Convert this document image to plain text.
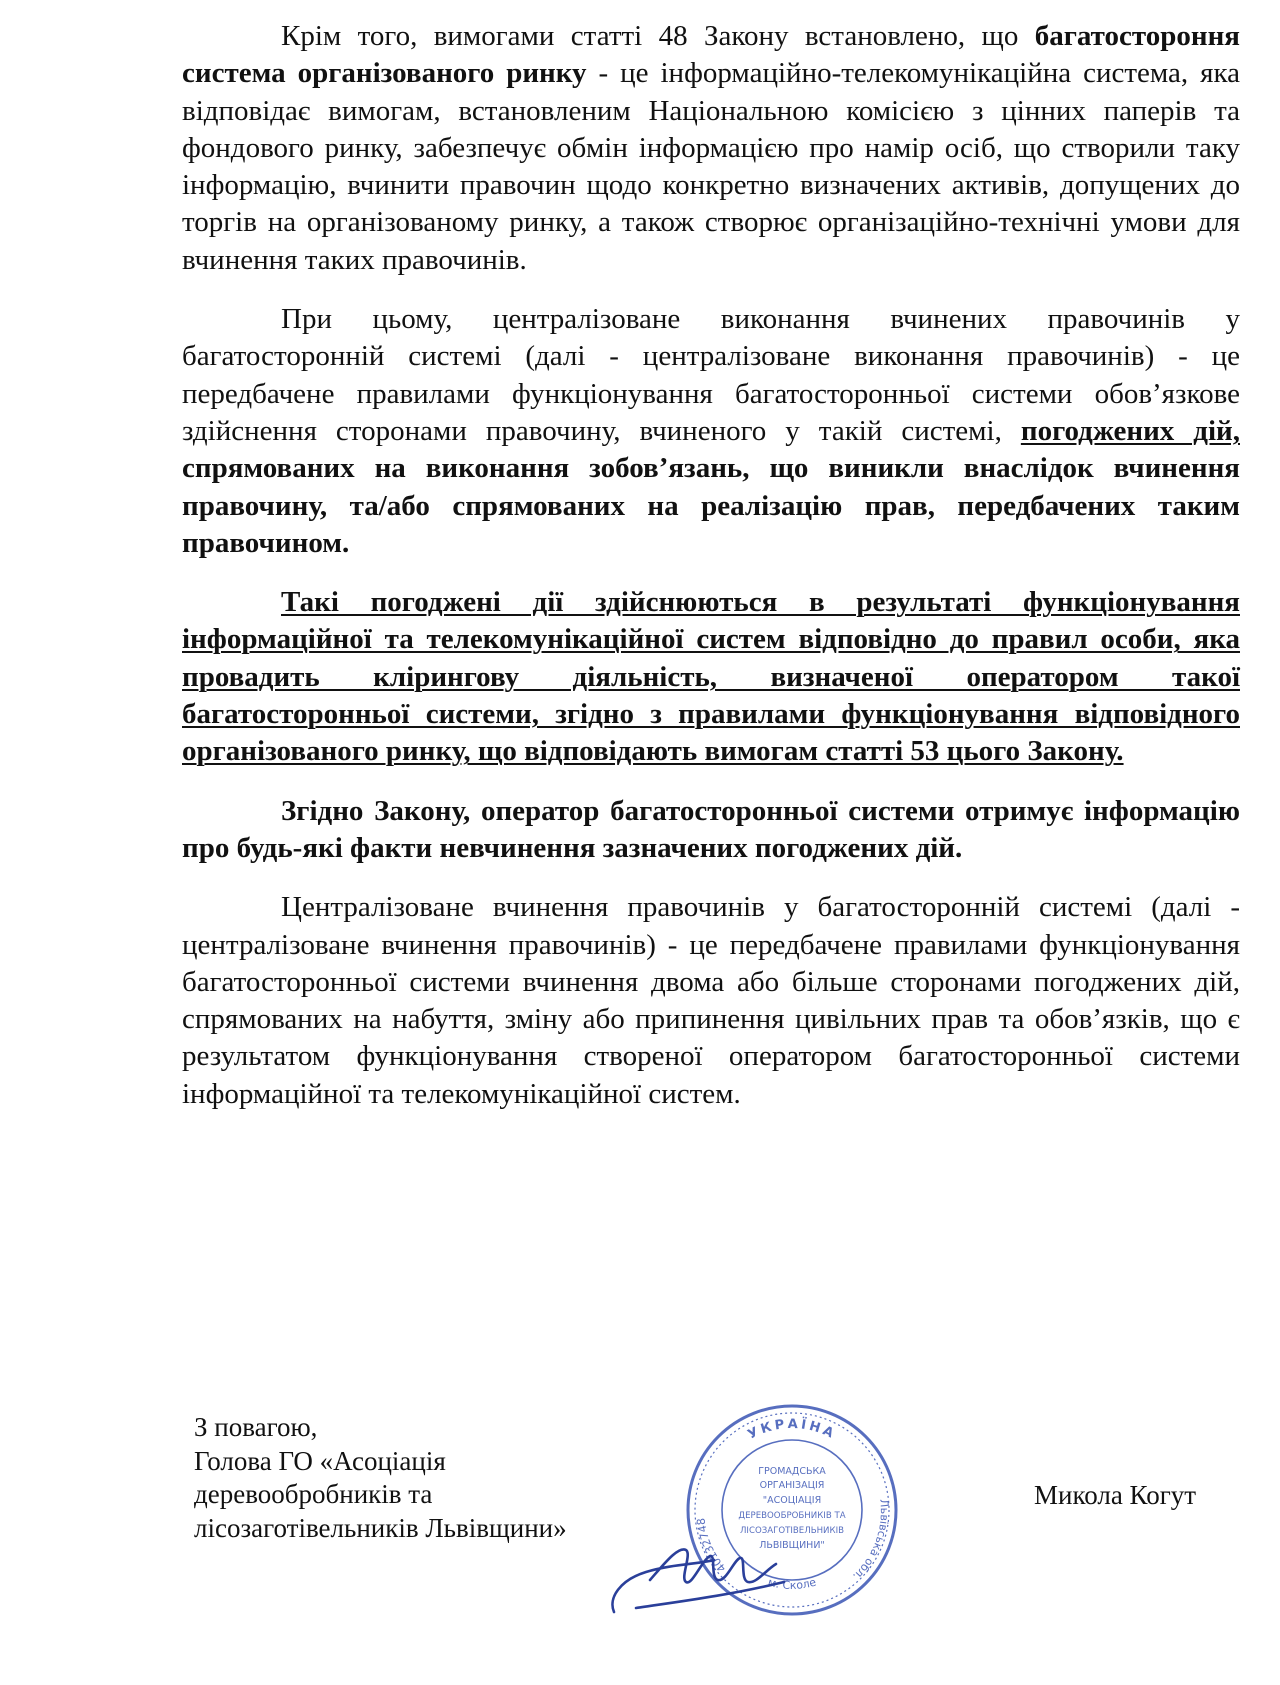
Крім того, вимогами статті 48 Закону встановлено, що багатостороння система організованого ринку - це інформаційно-телекомунікаційна система, яка відповідає вимогам, встановленим Національною комісією з цінних паперів та фондового ринку, забезпечує обмін інформацією про намір осіб, що створили таку інформацію, вчинити правочин щодо конкретно визначених активів, допущених до торгів на організованому ринку, а також створює організаційно-технічні умови для вчинення таких правочинів.

При цьому, централізоване виконання вчинених правочинів у багатосторонній системі (далі - централізоване виконання правочинів) - це передбачене правилами функціонування багатосторонньої системи обов’язкове здійснення сторонами правочину, вчиненого у такій системі, погоджених дій, спрямованих на виконання зобов’язань, що виникли внаслідок вчинення правочину, та/або спрямованих на реалізацію прав, передбачених таким правочином.

Такі погоджені дії здійснюються в результаті функціонування інформаційної та телекомунікаційної систем відповідно до правил особи, яка провадить клірингову діяльність, визначеної оператором такої багатосторонньої системи, згідно з правилами функціонування відповідного організованого ринку, що відповідають вимогам статті 53 цього Закону.

Згідно Закону, оператор багатосторонньої системи отримує інформацію про будь-які факти невчинення зазначених погоджених дій.

Централізоване вчинення правочинів у багатосторонній системі (далі - централізоване вчинення правочинів) - це передбачене правилами функціонування багатосторонньої системи вчинення двома або більше сторонами погоджених дій, спрямованих на набуття, зміну або припинення цивільних прав та обов’язків, що є результатом функціонування створеної оператором багатосторонньої системи інформаційної та телекомунікаційної систем.

З повагою,
Голова ГО «Асоціація
деревообробників та
лісозаготівельників Львівщини»
Микола Когут
УКРАЇНА
40132748
Львівська обл.
м. Сколе
ГРОМАДСЬКА
ОРГАНІЗАЦІЯ
"АСОЦІАЦІЯ
ДЕРЕВООБРОБНИКІВ ТА
ЛІСОЗАГОТІВЕЛЬНИКІВ
ЛЬВІВЩИНИ"
